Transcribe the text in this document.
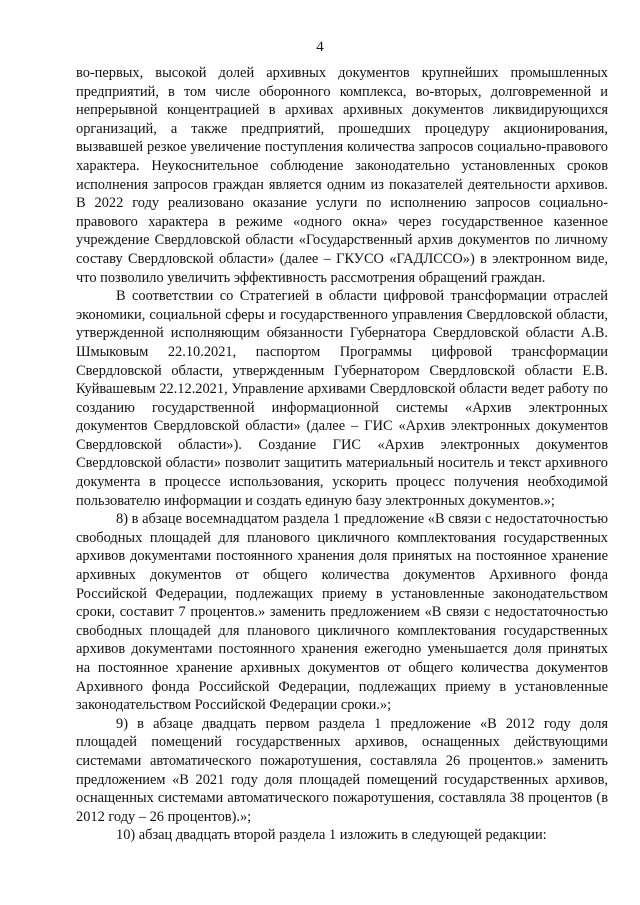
4

во-первых, высокой долей архивных документов крупнейших промышленных предприятий, в том числе оборонного комплекса, во-вторых, долговременной и непрерывной концентрацией в архивах архивных документов ликвидирующихся организаций, а также предприятий, прошедших процедуру акционирования, вызвавшей резкое увеличение поступления количества запросов социально-правового характера. Неукоснительное соблюдение законодательно установленных сроков исполнения запросов граждан является одним из показателей деятельности архивов. В 2022 году реализовано оказание услуги по исполнению запросов социально-правового характера в режиме «одного окна» через государственное казенное учреждение Свердловской области «Государственный архив документов по личному составу Свердловской области» (далее – ГКУСО «ГАДЛССО») в электронном виде, что позволило увеличить эффективность рассмотрения обращений граждан.

В соответствии со Стратегией в области цифровой трансформации отраслей экономики, социальной сферы и государственного управления Свердловской области, утвержденной исполняющим обязанности Губернатора Свердловской области А.В. Шмыковым 22.10.2021, паспортом Программы цифровой трансформации Свердловской области, утвержденным Губернатором Свердловской области Е.В. Куйвашевым 22.12.2021, Управление архивами Свердловской области ведет работу по созданию государственной информационной системы «Архив электронных документов Свердловской области» (далее – ГИС «Архив электронных документов Свердловской области»). Создание ГИС «Архив электронных документов Свердловской области» позволит защитить материальный носитель и текст архивного документа в процессе использования, ускорить процесс получения необходимой пользователю информации и создать единую базу электронных документов.»;

8) в абзаце восемнадцатом раздела 1 предложение «В связи с недостаточностью свободных площадей для планового цикличного комплектования государственных архивов документами постоянного хранения доля принятых на постоянное хранение архивных документов от общего количества документов Архивного фонда Российской Федерации, подлежащих приему в установленные законодательством сроки, составит 7 процентов.» заменить предложением «В связи с недостаточностью свободных площадей для планового цикличного комплектования государственных архивов документами постоянного хранения ежегодно уменьшается доля принятых на постоянное хранение архивных документов от общего количества документов Архивного фонда Российской Федерации, подлежащих приему в установленные законодательством Российской Федерации сроки.»;

9) в абзаце двадцать первом раздела 1 предложение «В 2012 году доля площадей помещений государственных архивов, оснащенных действующими системами автоматического пожаротушения, составляла 26 процентов.» заменить предложением «В 2021 году доля площадей помещений государственных архивов, оснащенных системами автоматического пожаротушения, составляла 38 процентов (в 2012 году – 26 процентов).»;

10) абзац двадцать второй раздела 1 изложить в следующей редакции:
